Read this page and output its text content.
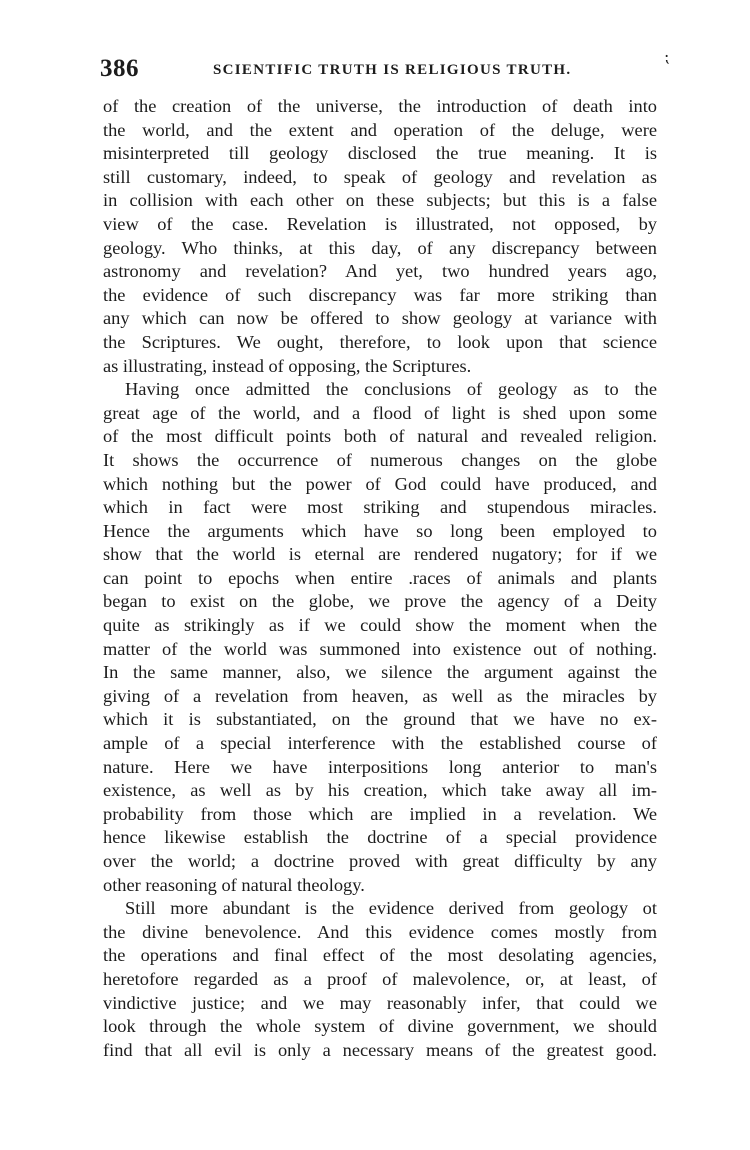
386	SCIENTIFIC TRUTH IS RELIGIOUS TRUTH.
⁏
of the creation of the universe, the introduction of death into
the world, and the extent and operation of the deluge, were
misinterpreted till geology disclosed the true meaning. It is
still customary, indeed, to speak of geology and revelation as
in collision with each other on these subjects; but this is a false
view of the case. Revelation is illustrated, not opposed, by
geology. Who thinks, at this day, of any discrepancy between
astronomy and revelation? And yet, two hundred years ago,
the evidence of such discrepancy was far more striking than
any which can now be offered to show geology at variance with
the Scriptures. We ought, therefore, to look upon that science
as illustrating, instead of opposing, the Scriptures.
Having once admitted the conclusions of geology as to the
great age of the world, and a flood of light is shed upon some
of the most difficult points both of natural and revealed religion.
It shows the occurrence of numerous changes on the globe
which nothing but the power of God could have produced, and
which in fact were most striking and stupendous miracles.
Hence the arguments which have so long been employed to
show that the world is eternal are rendered nugatory; for if we
can point to epochs when entire .races of animals and plants
began to exist on the globe, we prove the agency of a Deity
quite as strikingly as if we could show the moment when the
matter of the world was summoned into existence out of nothing.
In the same manner, also, we silence the argument against the
giving of a revelation from heaven, as well as the miracles by
which it is substantiated, on the ground that we have no ex-
ample of a special interference with the established course of
nature. Here we have interpositions long anterior to man's
existence, as well as by his creation, which take away all im-
probability from those which are implied in a revelation. We
hence likewise establish the doctrine of a special providence
over the world; a doctrine proved with great difficulty by any
other reasoning of natural theology.
Still more abundant is the evidence derived from geology ot
the divine benevolence. And this evidence comes mostly from
the operations and final effect of the most desolating agencies,
heretofore regarded as a proof of malevolence, or, at least, of
vindictive justice; and we may reasonably infer, that could we
look through the whole system of divine government, we should
find that all evil is only a necessary means of the greatest good.
